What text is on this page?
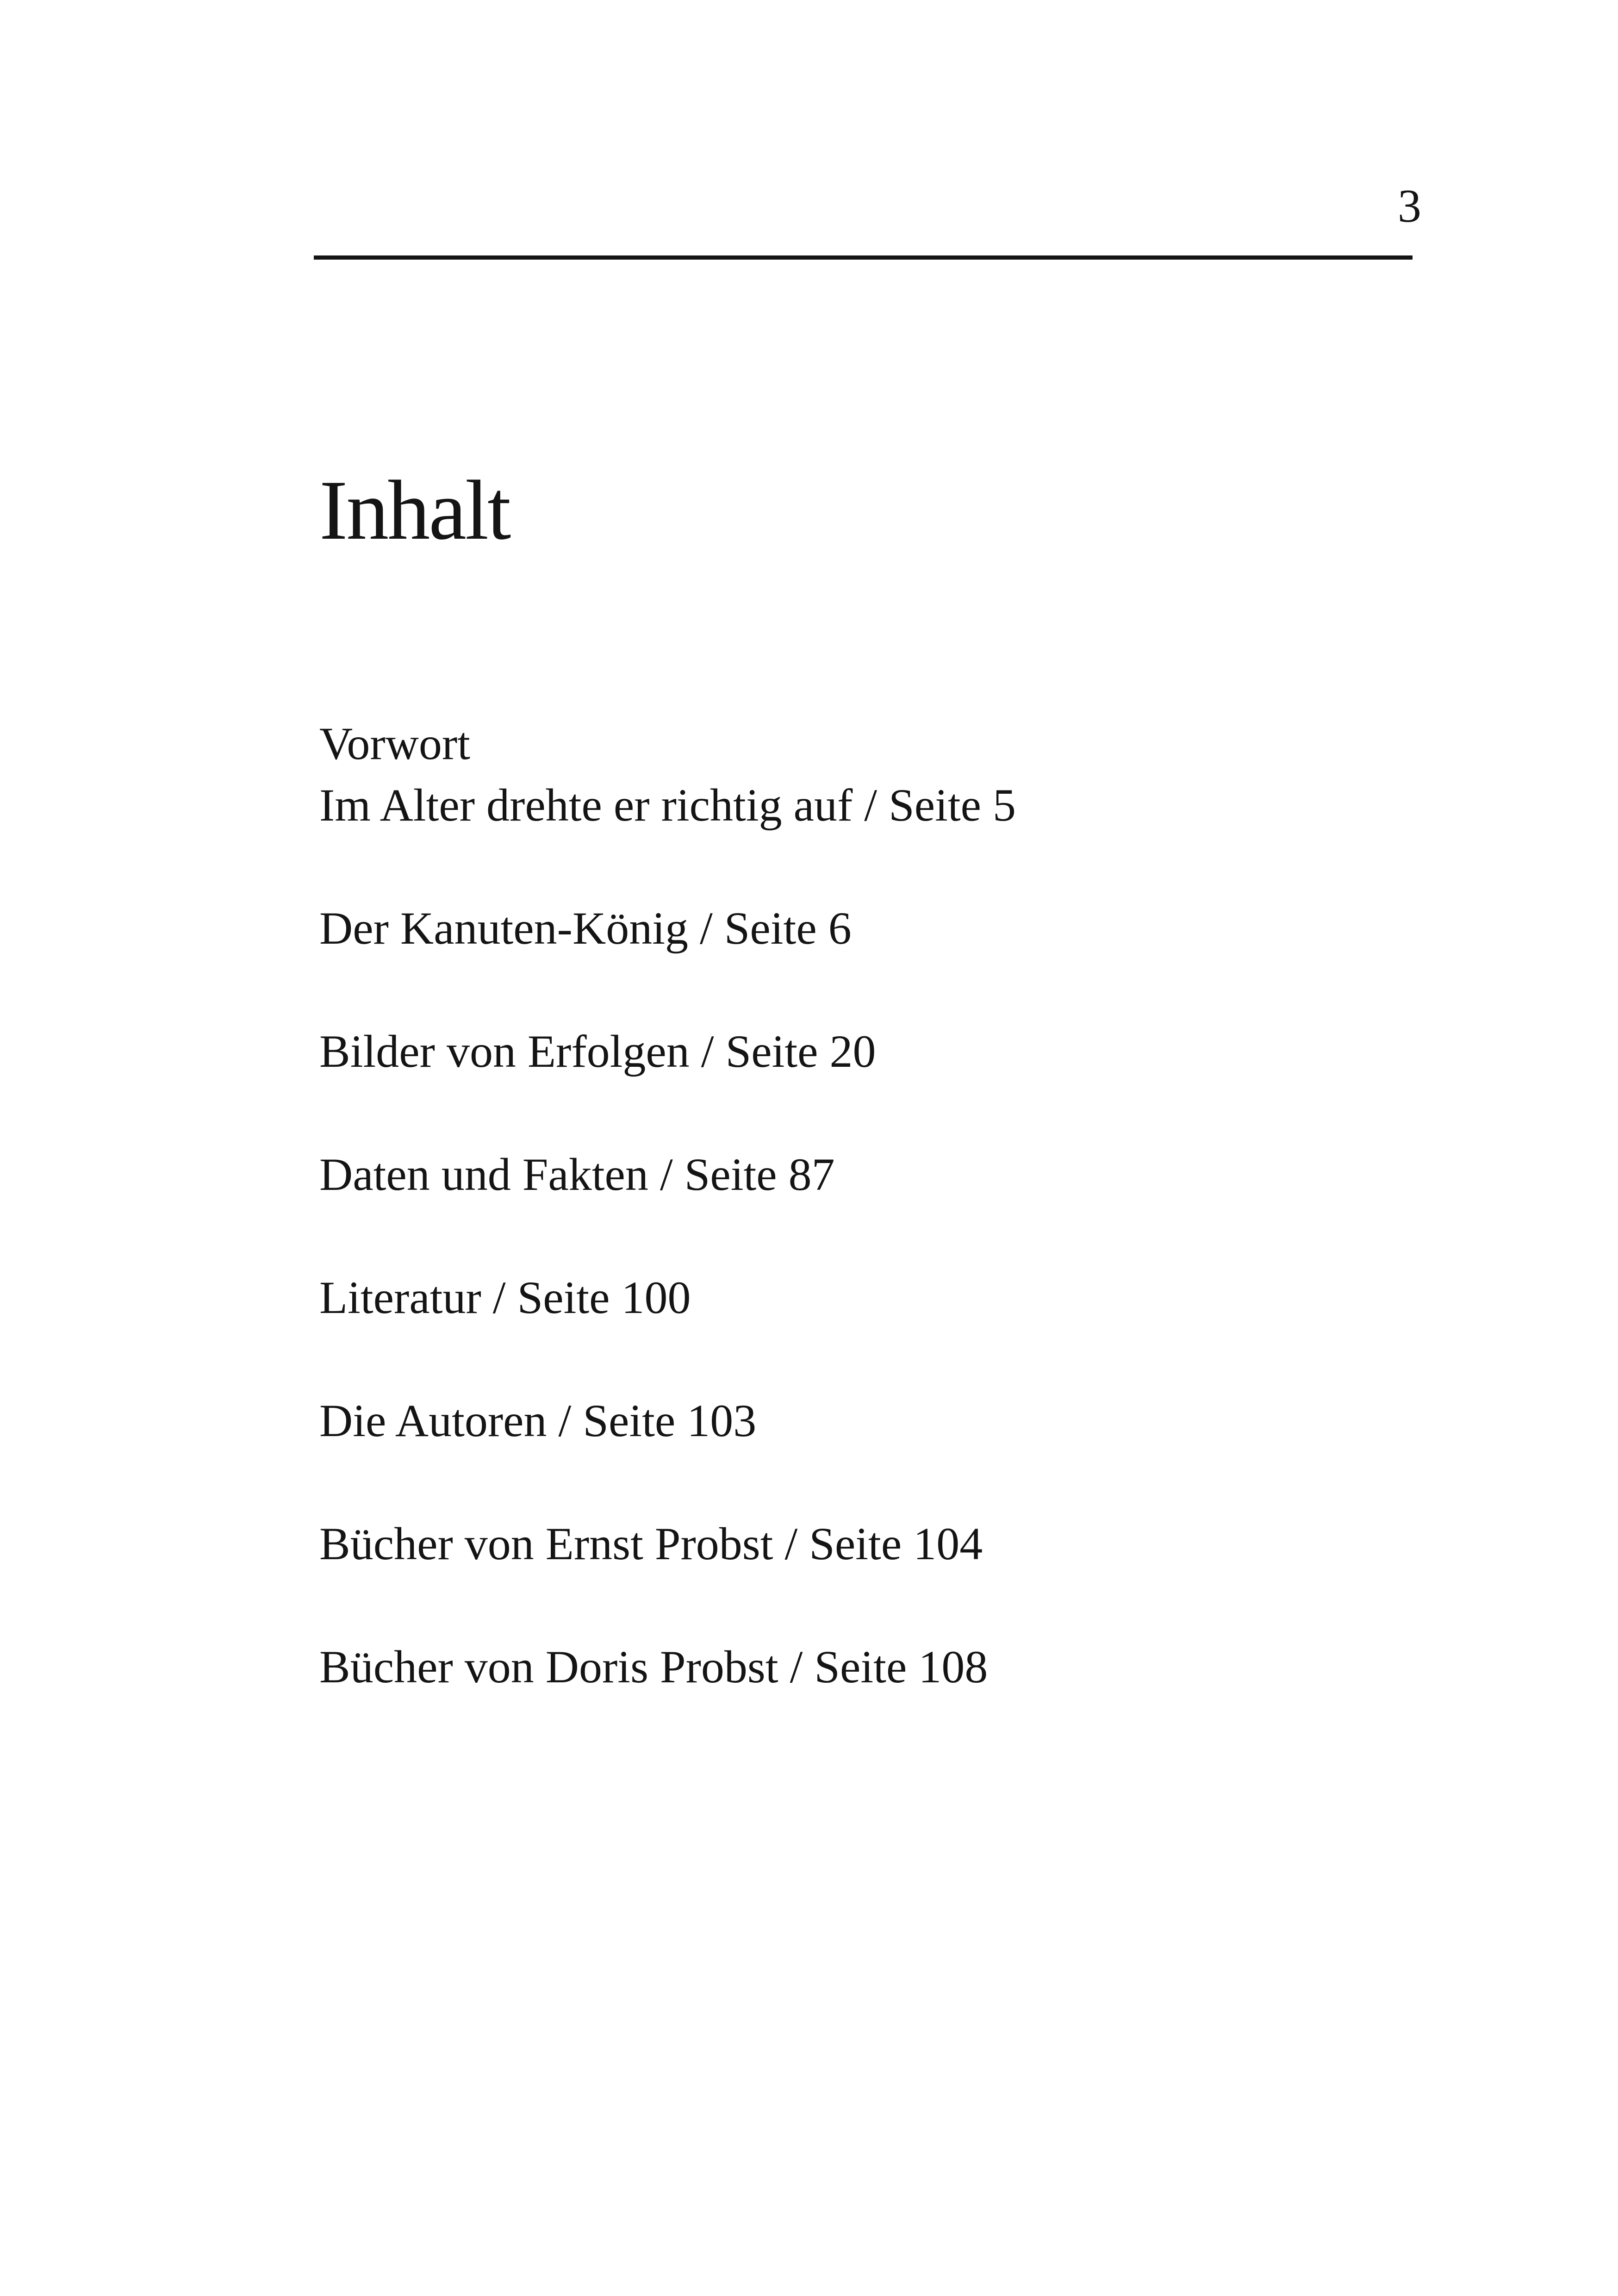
3
Inhalt
Vorwort
Im Alter drehte er richtig auf / Seite 5
Der Kanuten-König / Seite 6
Bilder von Erfolgen / Seite 20
Daten und Fakten / Seite 87
Literatur / Seite 100
Die Autoren / Seite 103
Bücher von Ernst Probst / Seite 104
Bücher von Doris Probst / Seite 108
